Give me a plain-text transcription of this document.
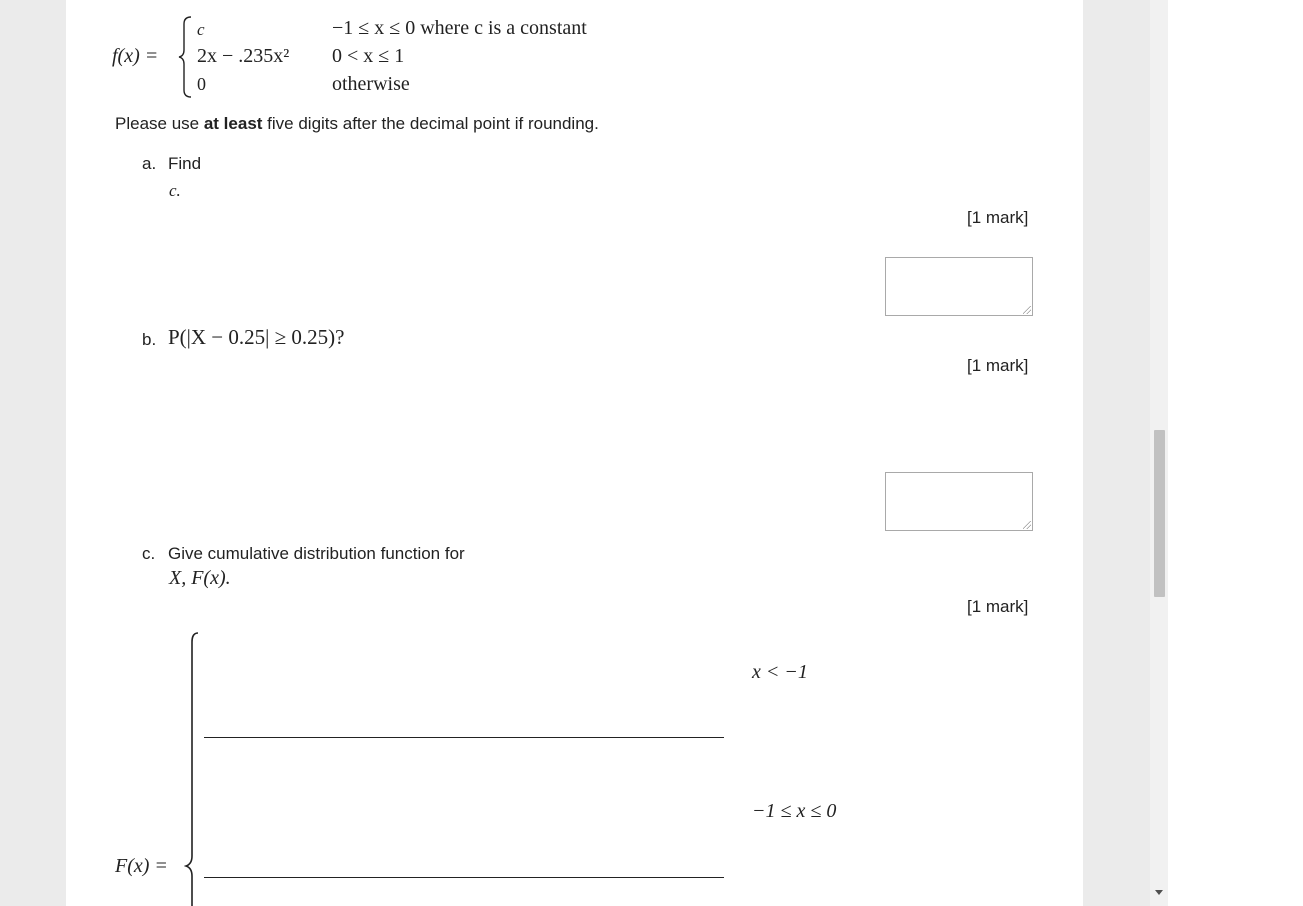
f(x) =
c	−1 ≤ x ≤ 0 where c is a constant
2x − .235x² 0 < x ≤ 1
0	otherwise
Please use at least five digits after the decimal point if rounding.
a. Find
c.
[1 mark]
b. P(|X − 0.25| ≥ 0.25)?
[1 mark]
c. Give cumulative distribution function for
X, F(x).
[1 mark]
F(x) =
x < −1
−1 ≤ x ≤ 0
